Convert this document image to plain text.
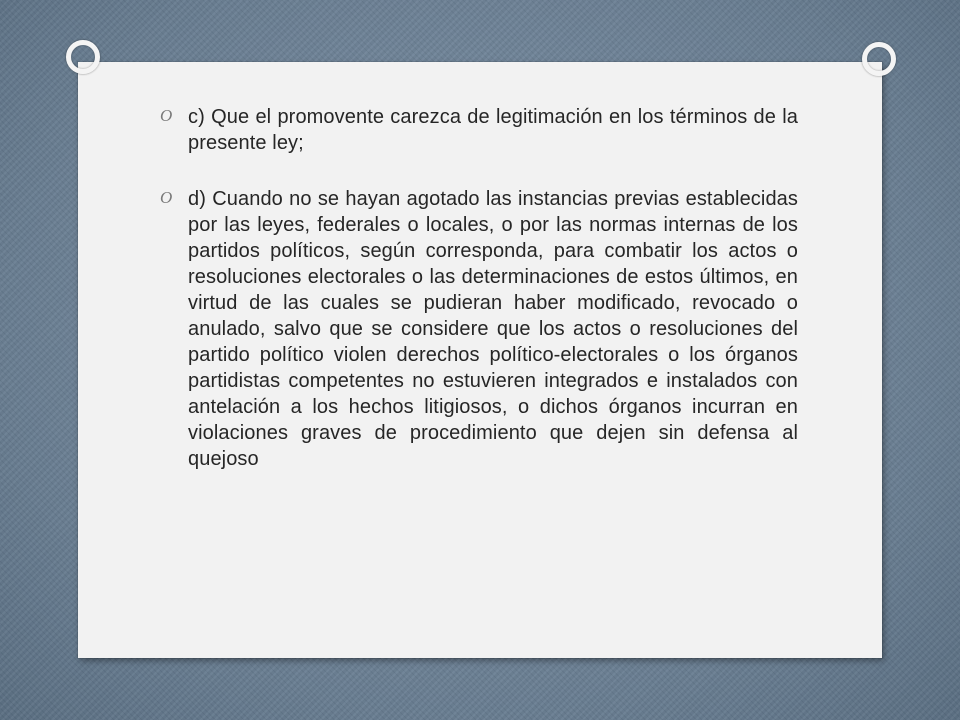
O c) Que el promovente carezca de legitimación en los términos de la presente ley;
O d) Cuando no se hayan agotado las instancias previas establecidas por las leyes, federales o locales, o por las normas internas de los partidos políticos, según corresponda, para combatir los actos o resoluciones electorales o las determinaciones de estos últimos, en virtud de las cuales se pudieran haber modificado, revocado o anulado, salvo que se considere que los actos o resoluciones del partido político violen derechos político-electorales o los órganos partidistas competentes no estuvieren integrados e instalados con antelación a los hechos litigiosos, o dichos órganos incurran en violaciones graves de procedimiento que dejen sin defensa al quejoso
